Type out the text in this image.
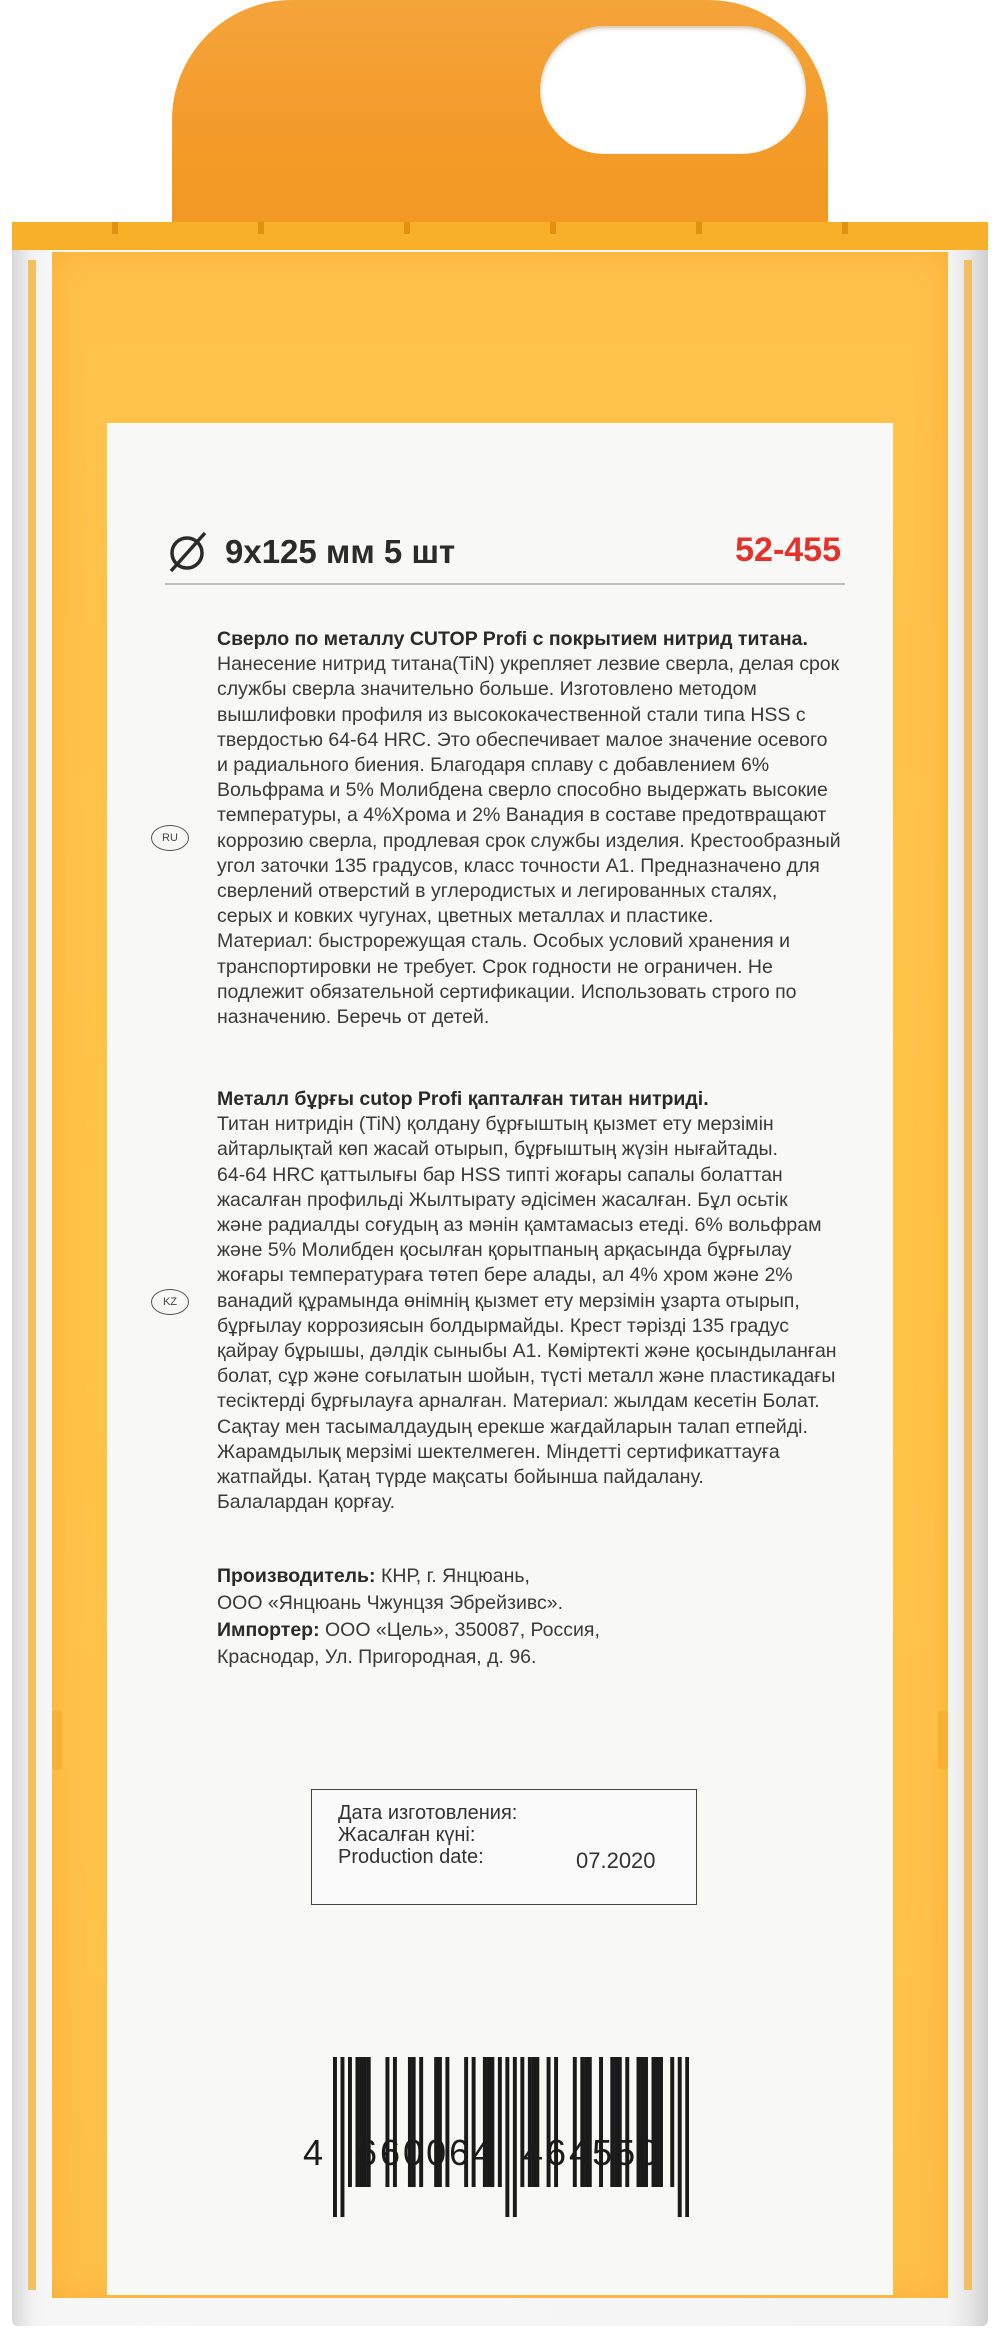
9х125 мм 5 шт	52-455
Сверло по металлу CUTOP Profi с покрытием нитрид титана.
Нанесение нитрид титана(TiN) укрепляет лезвие сверла, делая срок
службы сверла значительно больше. Изготовлено методом
вышлифовки профиля из высококачественной стали типа HSS с
твердостью 64-64 HRC. Это обеспечивает малое значение осевого
и радиального биения. Благодаря сплаву с добавлением 6%
Вольфрама и 5% Молибдена сверло способно выдержать высокие
температуры, а 4%Хрома и 2% Ванадия в составе предотвращают
коррозию сверла, продлевая срок службы изделия. Крестообразный
угол заточки 135 градусов, класс точности А1. Предназначено для
сверлений отверстий в углеродистых и легированных сталях,
серых и ковких чугунах, цветных металлах и пластике.
Материал: быстрорежущая сталь. Особых условий хранения и
транспортировки не требует. Срок годности не ограничен. Не
подлежит обязательной сертификации. Использовать строго по
назначению. Беречь от детей.
RU
Металл бұрғы cutop Profi қапталған титан нитриді.
Титан нитридін (TiN) қолдану бұрғыштың қызмет ету мерзімін
айтарлықтай көп жасай отырып, бұрғыштың жүзін нығайтады.
64-64 HRC қаттылығы бар HSS типті жоғары сапалы болаттан
жасалған профильді Жылтырату әдісімен жасалған. Бұл осьтік
және радиалды соғудың аз мәнін қамтамасыз етеді. 6% вольфрам
және 5% Молибден қосылған қорытпаның арқасында бұрғылау
жоғары температураға төтеп бере алады, ал 4% хром және 2%
ванадий құрамында өнімнің қызмет ету мерзімін ұзарта отырып,
бұрғылау коррозиясын болдырмайды. Крест тәрізді 135 градус
қайрау бұрышы, дәлдік сыныбы А1. Көміртекті және қосындыланған
болат, сұр және соғылатын шойын, түсті металл және пластикадағы
тесіктерді бұрғылауға арналған. Материал: жылдам кесетін Болат.
Сақтау мен тасымалдаудың ерекше жағдайларын талап етпейді.
Жарамдылық мерзімі шектелмеген. Міндетті сертификаттауға
жатпайды. Қатаң түрде мақсаты бойынша пайдалану.
Балалардан қорғау.
KZ
Производитель: КНР, г. Янцюань,
ООО «Янцюань Чжунцзя Эбрейзивс».
Импортер: ООО «Цель», 350087, Россия,
Краснодар, Ул. Пригородная, д. 96.
Дата изготовления:
Жасалған күні:
Production date:	07.2020
4 660064 464550
